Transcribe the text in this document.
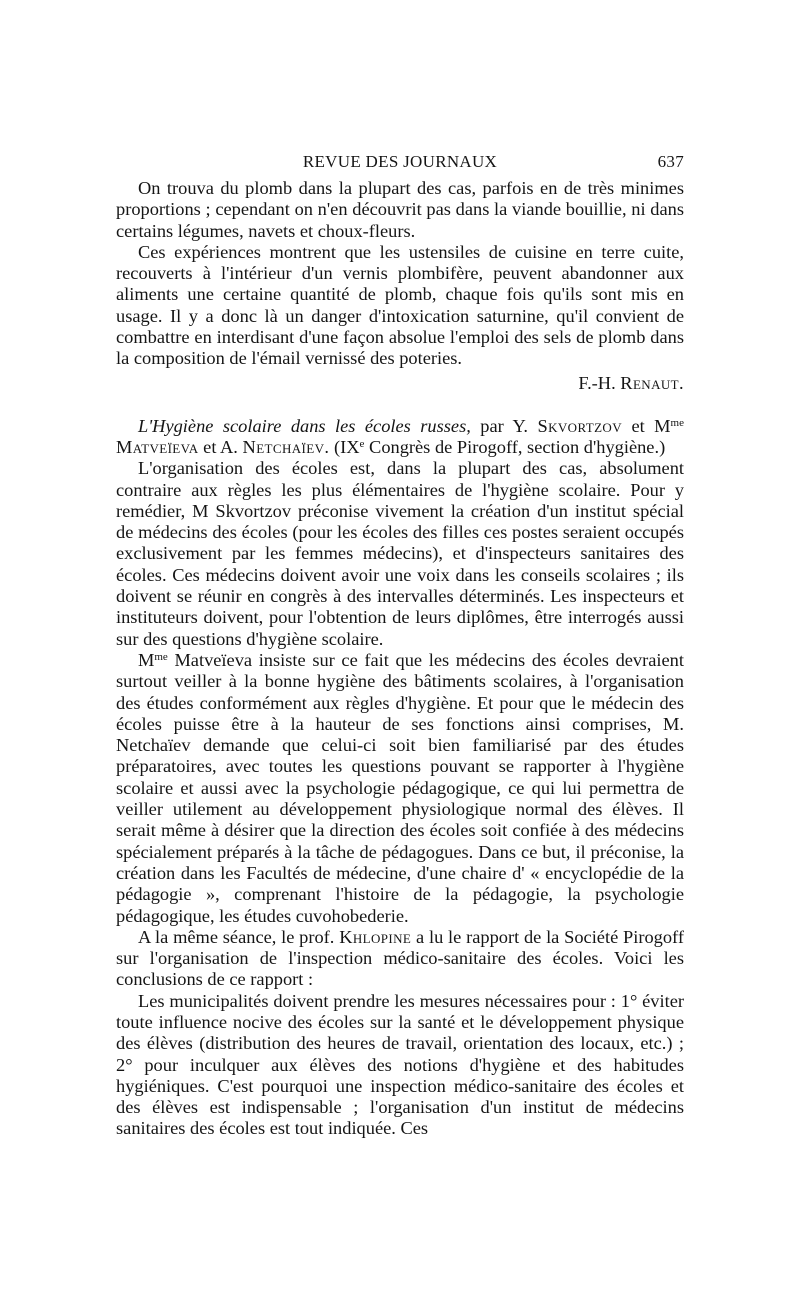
REVUE DES JOURNAUX	637

On trouva du plomb dans la plupart des cas, parfois en de très minimes proportions ; cependant on n'en découvrit pas dans la viande bouillie, ni dans certains légumes, navets et choux-fleurs.

Ces expériences montrent que les ustensiles de cuisine en terre cuite, recouverts à l'intérieur d'un vernis plombifère, peuvent abandonner aux aliments une certaine quantité de plomb, chaque fois qu'ils sont mis en usage. Il y a donc là un danger d'intoxication saturnine, qu'il convient de combattre en interdisant d'une façon absolue l'emploi des sels de plomb dans la composition de l'émail vernissé des poteries.

F.-H. Renaut.

L'Hygiène scolaire dans les écoles russes, par Y. Skvortzov et $M^{me}$ Matveïeva et A. Netchaïev. (IXe Congrès de Pirogoff, section d'hygiène.)

L'organisation des écoles est, dans la plupart des cas, absolument contraire aux règles les plus élémentaires de l'hygiène scolaire. Pour y remédier, M Skvortzov préconise vivement la création d'un institut spécial de médecins des écoles (pour les écoles des filles ces postes seraient occupés exclusivement par les femmes médecins), et d'inspecteurs sanitaires des écoles. Ces médecins doivent avoir une voix dans les conseils scolaires ; ils doivent se réunir en congrès à des intervalles déterminés. Les inspecteurs et instituteurs doivent, pour l'obtention de leurs diplômes, être interrogés aussi sur des questions d'hygiène scolaire.

$M^{me}$ Matveïeva insiste sur ce fait que les médecins des écoles devraient surtout veiller à la bonne hygiène des bâtiments scolaires, à l'organisation des études conformément aux règles d'hygiène. Et pour que le médecin des écoles puisse être à la hauteur de ses fonctions ainsi comprises, M. Netchaïev demande que celui-ci soit bien familiarisé par des études préparatoires, avec toutes les questions pouvant se rapporter à l'hygiène scolaire et aussi avec la psychologie pédagogique, ce qui lui permettra de veiller utilement au développement physiologique normal des élèves. Il serait même à désirer que la direction des écoles soit confiée à des médecins spécialement préparés à la tâche de pédagogues. Dans ce but, il préconise, la création dans les Facultés de médecine, d'une chaire d' « encyclopédie de la pédagogie », comprenant l'histoire de la pédagogie, la psychologie pédagogique, les études cuvohobederie.

A la même séance, le prof. Khlopine a lu le rapport de la Société Pirogoff sur l'organisation de l'inspection médico-sanitaire des écoles. Voici les conclusions de ce rapport :

Les municipalités doivent prendre les mesures nécessaires pour : 1° éviter toute influence nocive des écoles sur la santé et le développement physique des élèves (distribution des heures de travail, orientation des locaux, etc.) ; 2° pour inculquer aux élèves des notions d'hygiène et des habitudes hygiéniques. C'est pourquoi une inspection médico-sanitaire des écoles et des élèves est indispensable ; l'organisation d'un institut de médecins sanitaires des écoles est tout indiquée. Ces
